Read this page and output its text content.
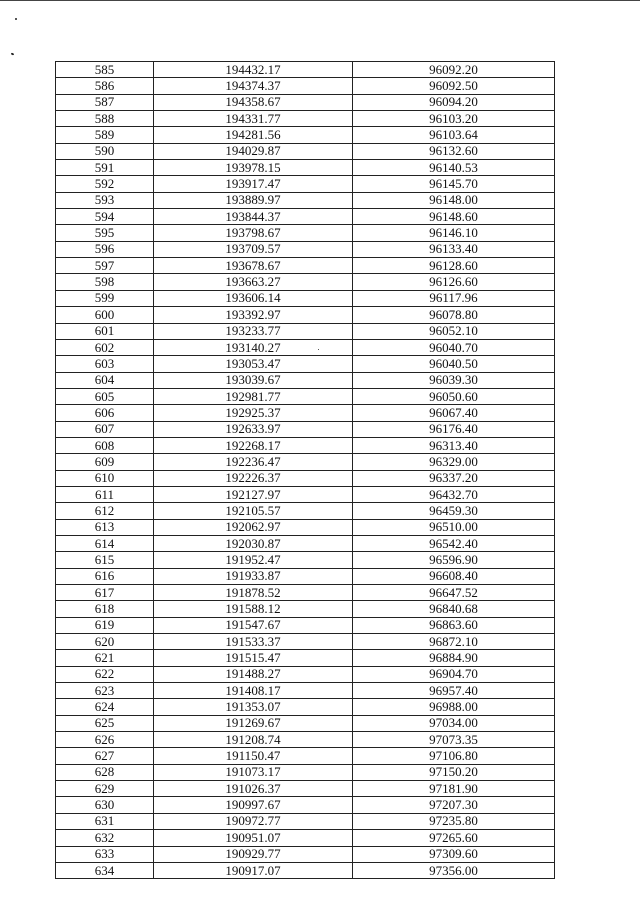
585	194432.17	96092.20
586	194374.37	96092.50
587	194358.67	96094.20
588	194331.77	96103.20
589	194281.56	96103.64
590	194029.87	96132.60
591	193978.15	96140.53
592	193917.47	96145.70
593	193889.97	96148.00
594	193844.37	96148.60
595	193798.67	96146.10
596	193709.57	96133.40
597	193678.67	96128.60
598	193663.27	96126.60
599	193606.14	96117.96
600	193392.97	96078.80
601	193233.77	96052.10
602	193140.27	96040.70
603	193053.47	96040.50
604	193039.67	96039.30
605	192981.77	96050.60
606	192925.37	96067.40
607	192633.97	96176.40
608	192268.17	96313.40
609	192236.47	96329.00
610	192226.37	96337.20
611	192127.97	96432.70
612	192105.57	96459.30
613	192062.97	96510.00
614	192030.87	96542.40
615	191952.47	96596.90
616	191933.87	96608.40
617	191878.52	96647.52
618	191588.12	96840.68
619	191547.67	96863.60
620	191533.37	96872.10
621	191515.47	96884.90
622	191488.27	96904.70
623	191408.17	96957.40
624	191353.07	96988.00
625	191269.67	97034.00
626	191208.74	97073.35
627	191150.47	97106.80
628	191073.17	97150.20
629	191026.37	97181.90
630	190997.67	97207.30
631	190972.77	97235.80
632	190951.07	97265.60
633	190929.77	97309.60
634	190917.07	97356.00
